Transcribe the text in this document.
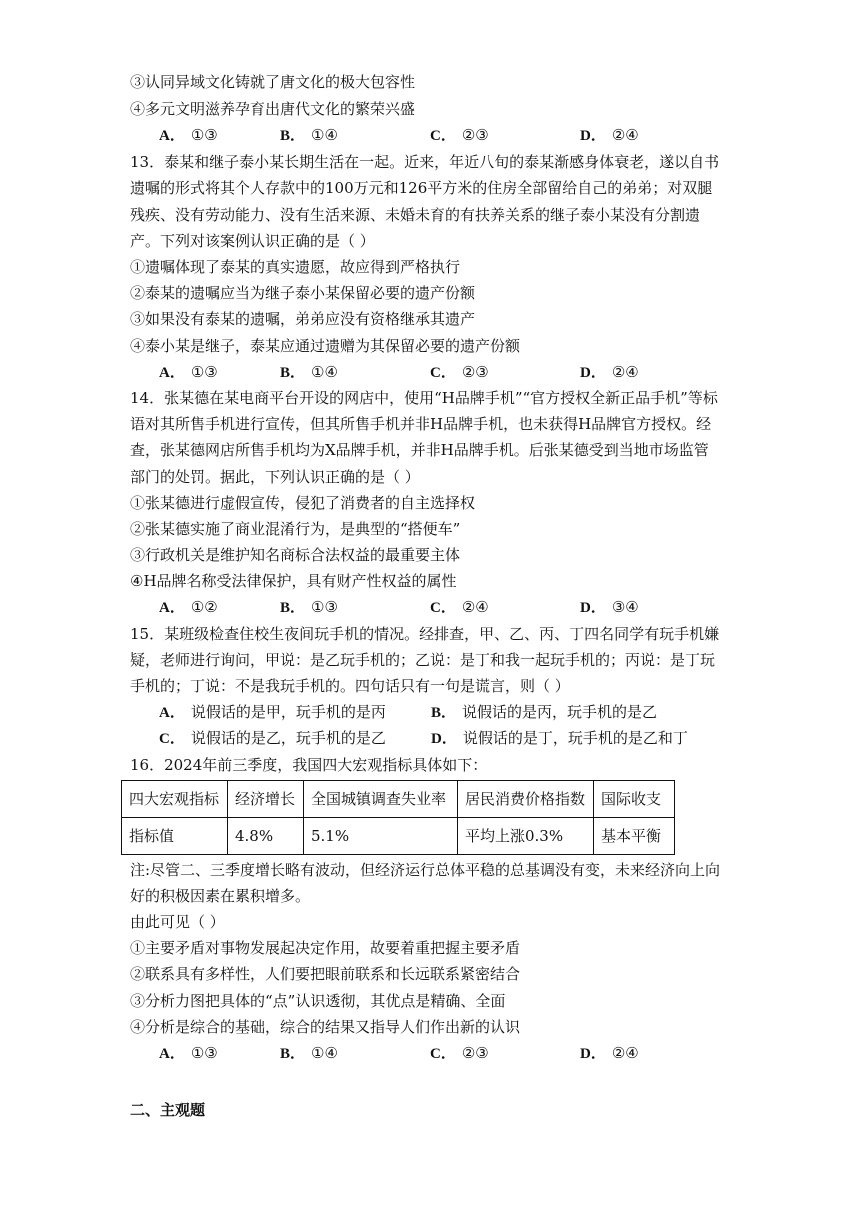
③认同异域文化铸就了唐文化的极大包容性
④多元文明滋养孕育出唐代文化的繁荣兴盛
A． ①③	B． ①④	C． ②③	D． ②④
13．泰某和继子泰小某长期生活在一起。近来，年近八旬的泰某渐感身体衰老，遂以自书
遗嘱的形式将其个人存款中的100万元和126平方米的住房全部留给自己的弟弟；对双腿
残疾、没有劳动能力、没有生活来源、未婚未育的有扶养关系的继子泰小某没有分割遗
产。下列对该案例认识正确的是（ ）
①遗嘱体现了泰某的真实遗愿，故应得到严格执行
②泰某的遗嘱应当为继子泰小某保留必要的遗产份额
③如果没有泰某的遗嘱，弟弟应没有资格继承其遗产
④泰小某是继子，泰某应通过遗赠为其保留必要的遗产份额
A． ①③	B． ①④	C． ②③	D． ②④
14．张某德在某电商平台开设的网店中，使用“H品牌手机”“官方授权全新正品手机”等标
语对其所售手机进行宣传，但其所售手机并非H品牌手机，也未获得H品牌官方授权。经
查，张某德网店所售手机均为X品牌手机，并非H品牌手机。后张某德受到当地市场监管
部门的处罚。据此，下列认识正确的是（ ）
①张某德进行虚假宣传，侵犯了消费者的自主选择权
②张某德实施了商业混淆行为，是典型的“搭便车”
③行政机关是维护知名商标合法权益的最重要主体
④H品牌名称受法律保护，具有财产性权益的属性
A． ①②	B． ①③	C． ②④	D． ③④
15．某班级检查住校生夜间玩手机的情况。经排查，甲、乙、丙、丁四名同学有玩手机嫌
疑，老师进行询问，甲说：是乙玩手机的；乙说：是丁和我一起玩手机的；丙说：是丁玩
手机的；丁说：不是我玩手机的。四句话只有一句是谎言，则（ ）
A． 说假话的是甲，玩手机的是丙	B． 说假话的是丙，玩手机的是乙
C． 说假话的是乙，玩手机的是乙	D． 说假话的是丁，玩手机的是乙和丁
16．2024年前三季度，我国四大宏观指标具体如下：
四大宏观指标	经济增长	全国城镇调查失业率	居民消费价格指数	国际收支
指标值	4.8%	5.1%	平均上涨0.3%	基本平衡
注:尽管二、三季度增长略有波动，但经济运行总体平稳的总基调没有变，未来经济向上向
好的积极因素在累积增多。
由此可见（ ）
①主要矛盾对事物发展起决定作用，故要着重把握主要矛盾
②联系具有多样性，人们要把眼前联系和长远联系紧密结合
③分析力图把具体的“点”认识透彻，其优点是精确、全面
④分析是综合的基础，综合的结果又指导人们作出新的认识
A． ①③	B． ①④	C． ②③	D． ②④
二、主观题
